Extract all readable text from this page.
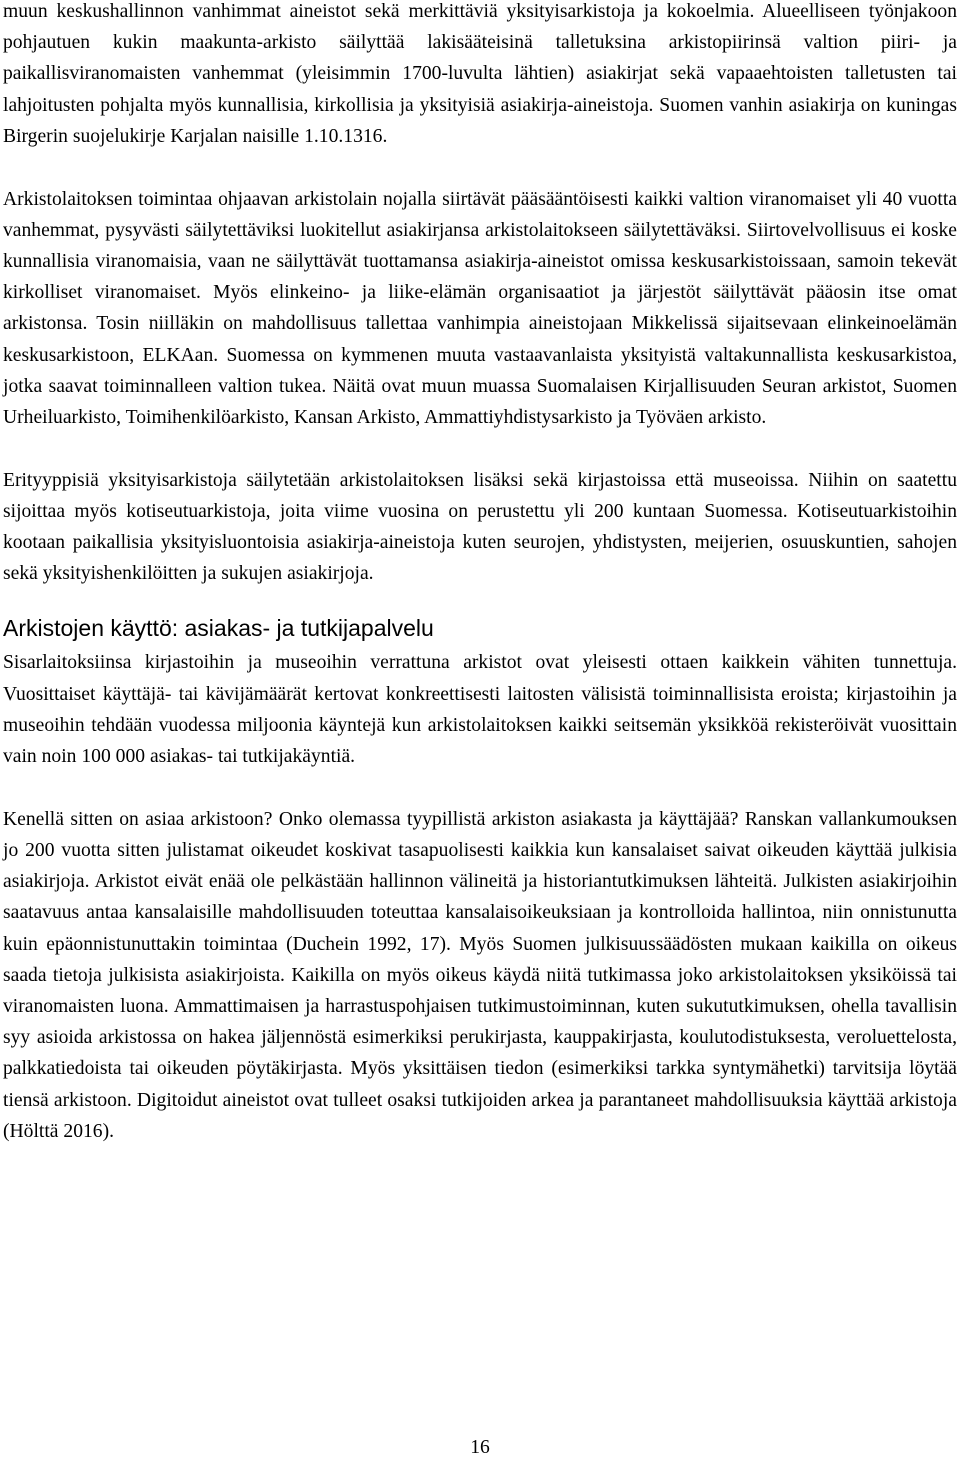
muun keskushallinnon vanhimmat aineistot sekä merkittäviä yksityisarkistoja ja kokoelmia. Alueelliseen työnjakoon pohjautuen kukin maakunta-arkisto säilyttää lakisääteisinä talletuksina arkistopiirinsä valtion piiri- ja paikallisviranomaisten vanhemmat (yleisimmin 1700-luvulta lähtien) asiakirjat sekä vapaaehtoisten talletusten tai lahjoitusten pohjalta myös kunnallisia, kirkollisia ja yksityisiä asiakirja-aineistoja. Suomen vanhin asiakirja on kuningas Birgerin suojelukirje Karjalan naisille 1.10.1316.

Arkistolaitoksen toimintaa ohjaavan arkistolain nojalla siirtävät pääsääntöisesti kaikki valtion viranomaiset yli 40 vuotta vanhemmat, pysyvästi säilytettäviksi luokitellut asiakirjansa arkistolaitokseen säilytettäväksi. Siirtovelvollisuus ei koske kunnallisia viranomaisia, vaan ne säilyttävät tuottamansa asiakirja-aineistot omissa keskusarkistoissaan, samoin tekevät kirkolliset viranomaiset. Myös elinkeino- ja liike-elämän organisaatiot ja järjestöt säilyttävät pääosin itse omat arkistonsa. Tosin niilläkin on mahdollisuus tallettaa vanhimpia aineistojaan Mikkelissä sijaitsevaan elinkeinoelämän keskusarkistoon, ELKAan. Suomessa on kymmenen muuta vastaavanlaista yksityistä valtakunnallista keskusarkistoa, jotka saavat toiminnalleen valtion tukea. Näitä ovat muun muassa Suomalaisen Kirjallisuuden Seuran arkistot, Suomen Urheiluarkisto, Toimihenkilöarkisto, Kansan Arkisto, Ammattiyhdistysarkisto ja Työväen arkisto.

Erityyppisiä yksityisarkistoja säilytetään arkistolaitoksen lisäksi sekä kirjastoissa että museoissa. Niihin on saatettu sijoittaa myös kotiseutuarkistoja, joita viime vuosina on perustettu yli 200 kuntaan Suomessa. Kotiseutuarkistoihin kootaan paikallisia yksityisluontoisia asiakirja-aineistoja kuten seurojen, yhdistysten, meijerien, osuuskuntien, sahojen sekä yksityishenkilöitten ja sukujen asiakirjoja.

Arkistojen käyttö: asiakas- ja tutkijapalvelu

Sisarlaitoksiinsa kirjastoihin ja museoihin verrattuna arkistot ovat yleisesti ottaen kaikkein vähiten tunnettuja. Vuosittaiset käyttäjä- tai kävijämäärät kertovat konkreettisesti laitosten välisistä toiminnallisista eroista; kirjastoihin ja museoihin tehdään vuodessa miljoonia käyntejä kun arkistolaitoksen kaikki seitsemän yksikköä rekisteröivät vuosittain vain noin 100 000 asiakas- tai tutkijakäyntiä.

Kenellä sitten on asiaa arkistoon? Onko olemassa tyypillistä arkiston asiakasta ja käyttäjää? Ranskan vallankumouksen jo 200 vuotta sitten julistamat oikeudet koskivat tasapuolisesti kaikkia kun kansalaiset saivat oikeuden käyttää julkisia asiakirjoja. Arkistot eivät enää ole pelkästään hallinnon välineitä ja historiantutkimuksen lähteitä. Julkisten asiakirjoihin saatavuus antaa kansalaisille mahdollisuuden toteuttaa kansalaisoikeuksiaan ja kontrolloida hallintoa, niin onnistunutta kuin epäonnistunuttakin toimintaa (Duchein 1992, 17). Myös Suomen julkisuussäädösten mukaan kaikilla on oikeus saada tietoja julkisista asiakirjoista. Kaikilla on myös oikeus käydä niitä tutkimassa joko arkistolaitoksen yksiköissä tai viranomaisten luona. Ammattimaisen ja harrastuspohjaisen tutkimustoiminnan, kuten sukututkimuksen, ohella tavallisin syy asioida arkistossa on hakea jäljennöstä esimerkiksi perukirjasta, kauppakirjasta, koulutodistuksesta, veroluettelosta, palkkatiedoista tai oikeuden pöytäkirjasta. Myös yksittäisen tiedon (esimerkiksi tarkka syntymähetki) tarvitsija löytää tiensä arkistoon. Digitoidut aineistot ovat tulleet osaksi tutkijoiden arkea ja parantaneet mahdollisuuksia käyttää arkistoja (Hölttä 2016).

16
